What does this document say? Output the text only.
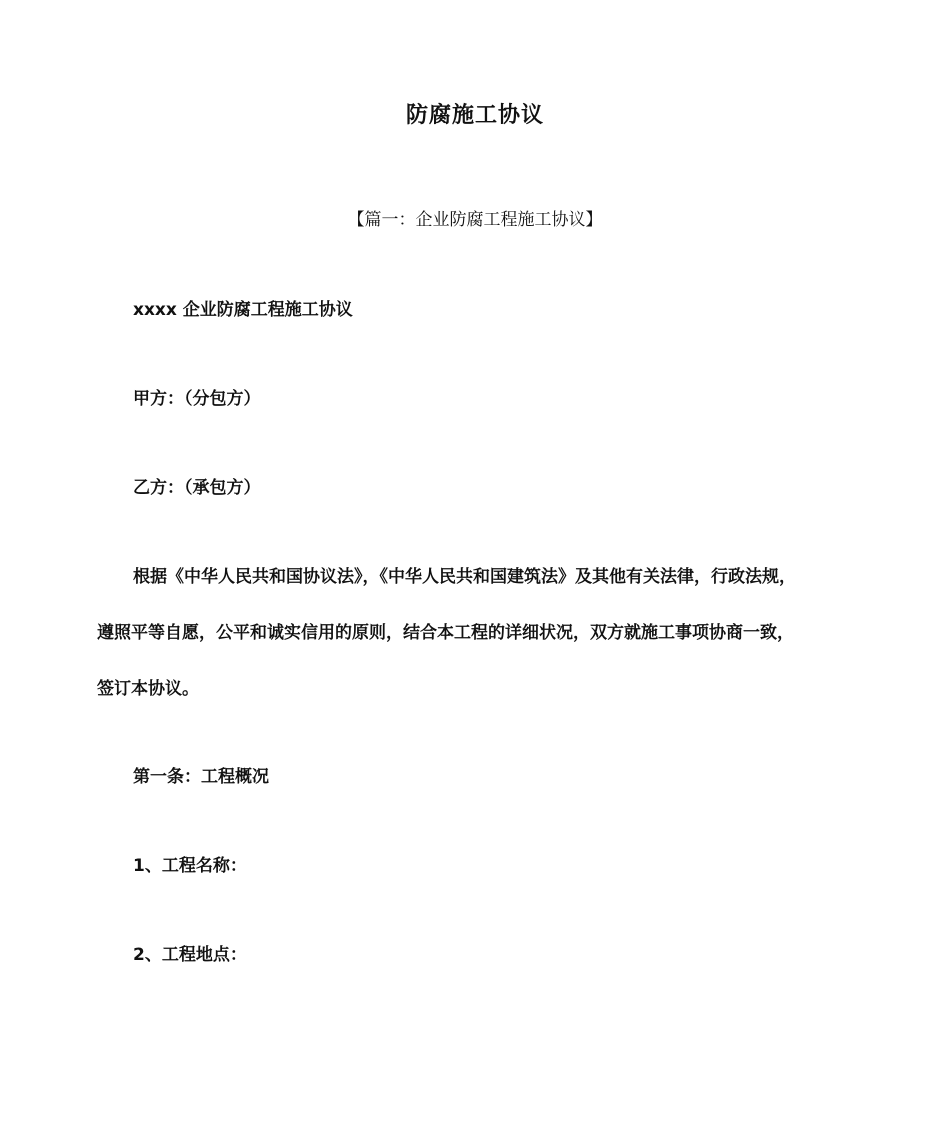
防腐施工协议
【篇一：企业防腐工程施工协议】
xxxx 企业防腐工程施工协议
甲方：（分包方）
乙方：（承包方）
根据《中华人民共和国协议法》，《中华人民共和国建筑法》及其他有关法律，行政法规，
遵照平等自愿，公平和诚实信用的原则，结合本工程的详细状况，双方就施工事项协商一致，
签订本协议。
第一条：工程概况
1、工程名称：
2、工程地点：
